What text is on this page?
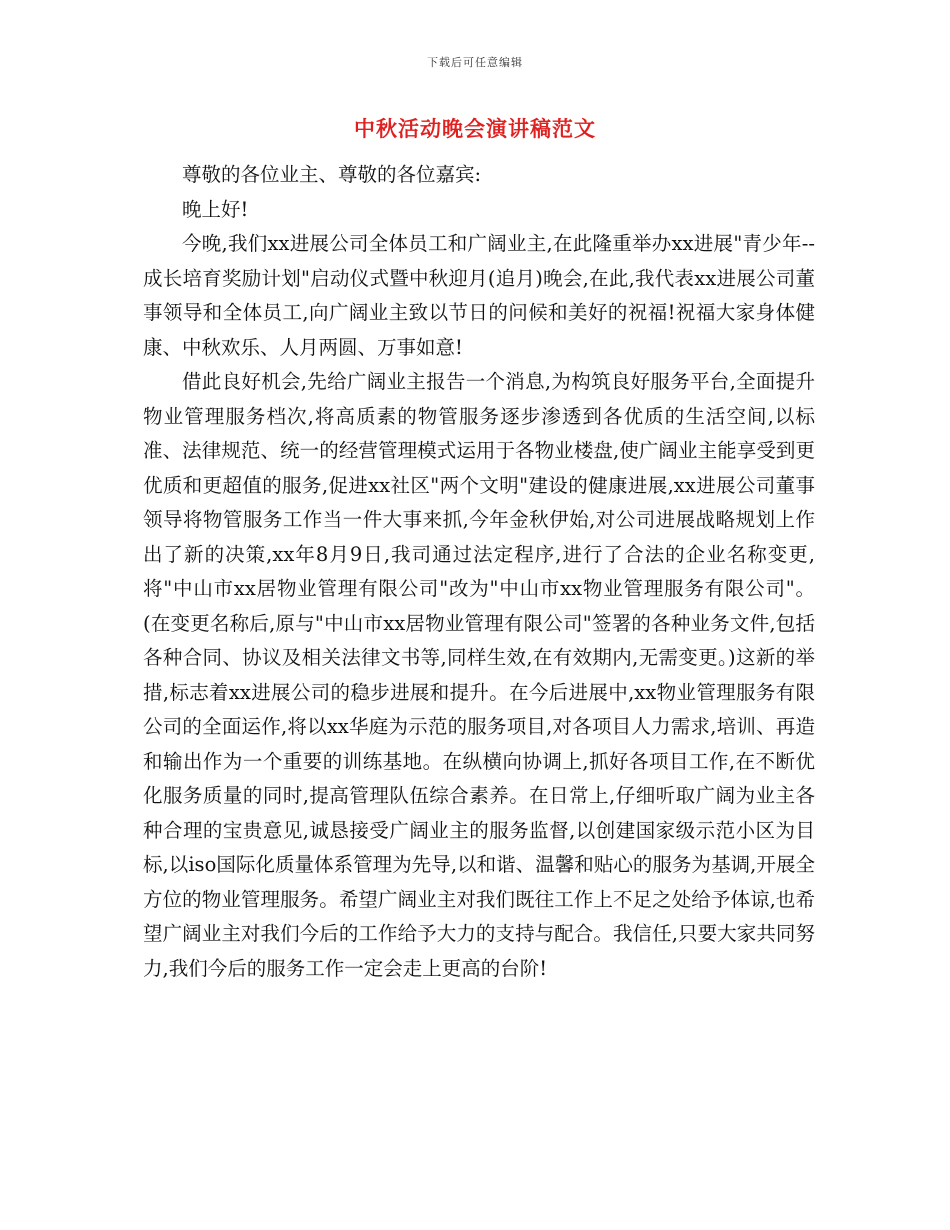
下载后可任意编辑
中秋活动晚会演讲稿范文

尊敬的各位业主、尊敬的各位嘉宾:

晚上好!

今晚,我们xx进展公司全体员工和广阔业主,在此隆重举办xx进展"青少年--成长培育奖励计划"启动仪式暨中秋迎月(追月)晚会,在此,我代表xx进展公司董事领导和全体员工,向广阔业主致以节日的问候和美好的祝福!祝福大家身体健康、中秋欢乐、人月两圆、万事如意!

借此良好机会,先给广阔业主报告一个消息,为构筑良好服务平台,全面提升物业管理服务档次,将高质素的物管服务逐步渗透到各优质的生活空间,以标准、法律规范、统一的经营管理模式运用于各物业楼盘,使广阔业主能享受到更优质和更超值的服务,促进xx社区"两个文明"建设的健康进展,xx进展公司董事领导将物管服务工作当一件大事来抓,今年金秋伊始,对公司进展战略规划上作出了新的决策,xx年8月9日,我司通过法定程序,进行了合法的企业名称变更,将"中山市xx居物业管理有限公司"改为"中山市xx物业管理服务有限公司"。(在变更名称后,原与"中山市xx居物业管理有限公司"签署的各种业务文件,包括各种合同、协议及相关法律文书等,同样生效,在有效期内,无需变更。)这新的举措,标志着xx进展公司的稳步进展和提升。在今后进展中,xx物业管理服务有限公司的全面运作,将以xx华庭为示范的服务项目,对各项目人力需求,培训、再造和输出作为一个重要的训练基地。在纵横向协调上,抓好各项目工作,在不断优化服务质量的同时,提高管理队伍综合素养。在日常上,仔细听取广阔为业主各种合理的宝贵意见,诚恳接受广阔业主的服务监督,以创建国家级示范小区为目标,以iso国际化质量体系管理为先导,以和谐、温馨和贴心的服务为基调,开展全方位的物业管理服务。希望广阔业主对我们既往工作上不足之处给予体谅,也希望广阔业主对我们今后的工作给予大力的支持与配合。我信任,只要大家共同努力,我们今后的服务工作一定会走上更高的台阶!
